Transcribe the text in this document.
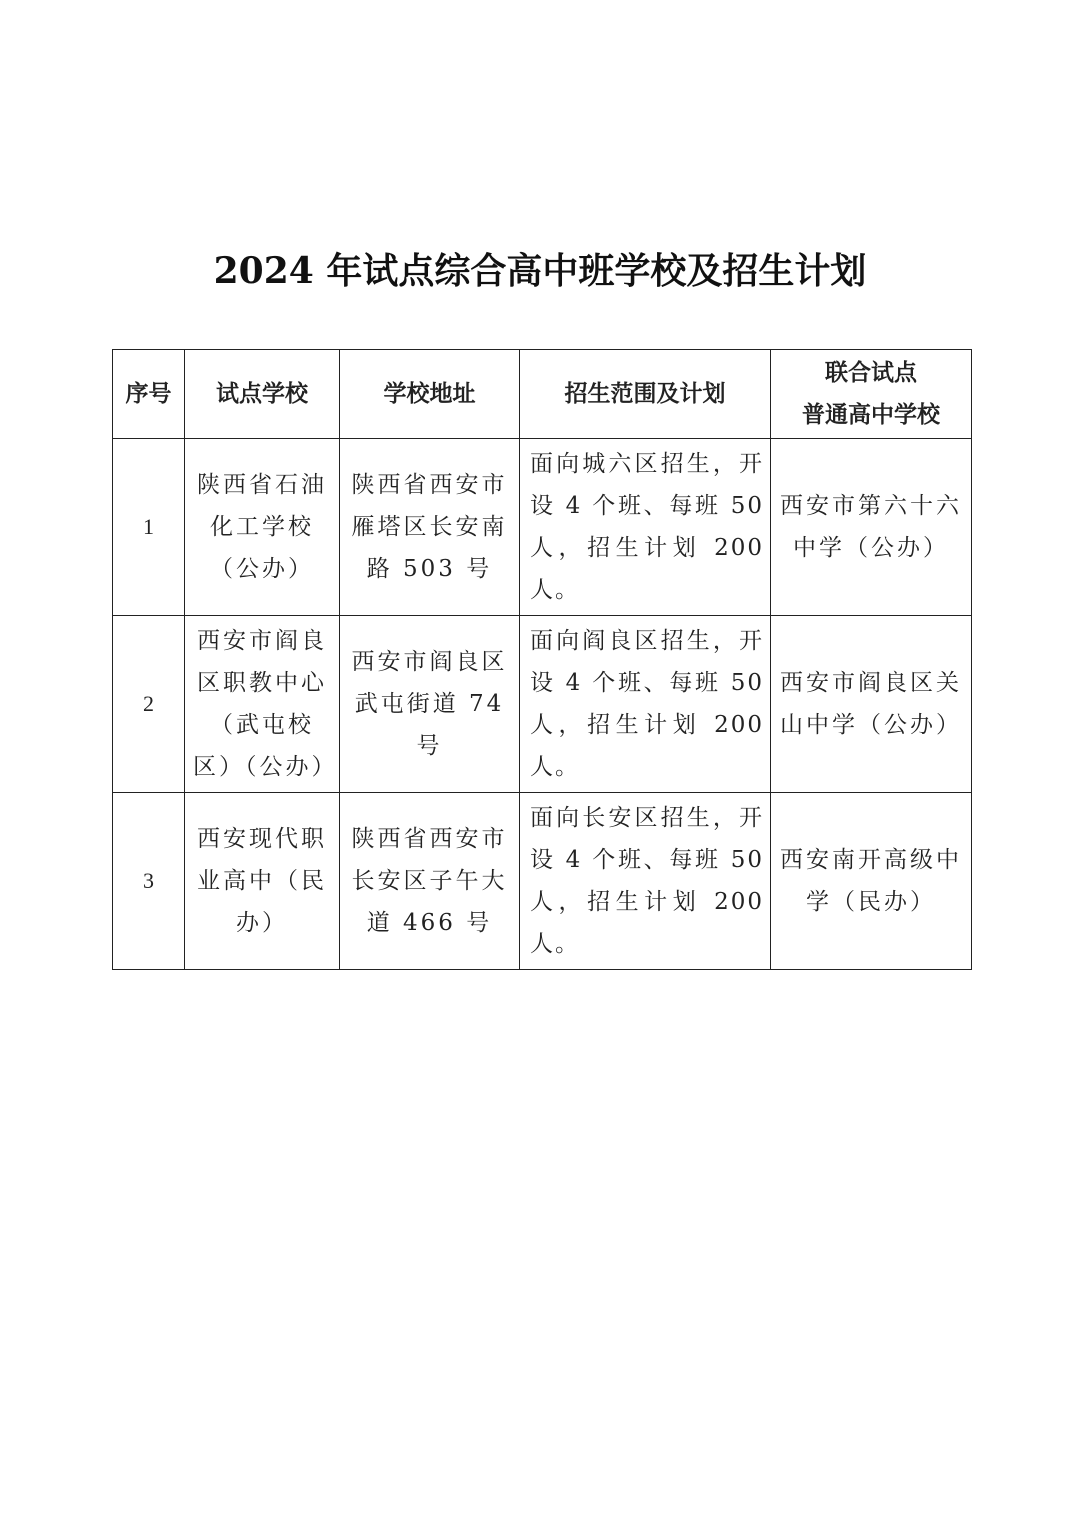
2024 年试点综合高中班学校及招生计划
序号	试点学校	学校地址	招生范围及计划	联合试点
普通高中学校
1	陕西省石油化工学校（公办）	陕西省西安市雁塔区长安南路 503 号	面向城六区招生，开设 4 个班、每班 50 人，招生计划 200 人。	西安市第六十六中学（公办）
2	西安市阎良区职教中心（武屯校区）（公办）	西安市阎良区武屯街道 74 号	面向阎良区招生，开设 4 个班、每班 50 人，招生计划 200 人。	西安市阎良区关山中学（公办）
3	西安现代职业高中（民办）	陕西省西安市长安区子午大道 466 号	面向长安区招生，开设 4 个班、每班 50 人，招生计划 200 人。	西安南开高级中学（民办）
